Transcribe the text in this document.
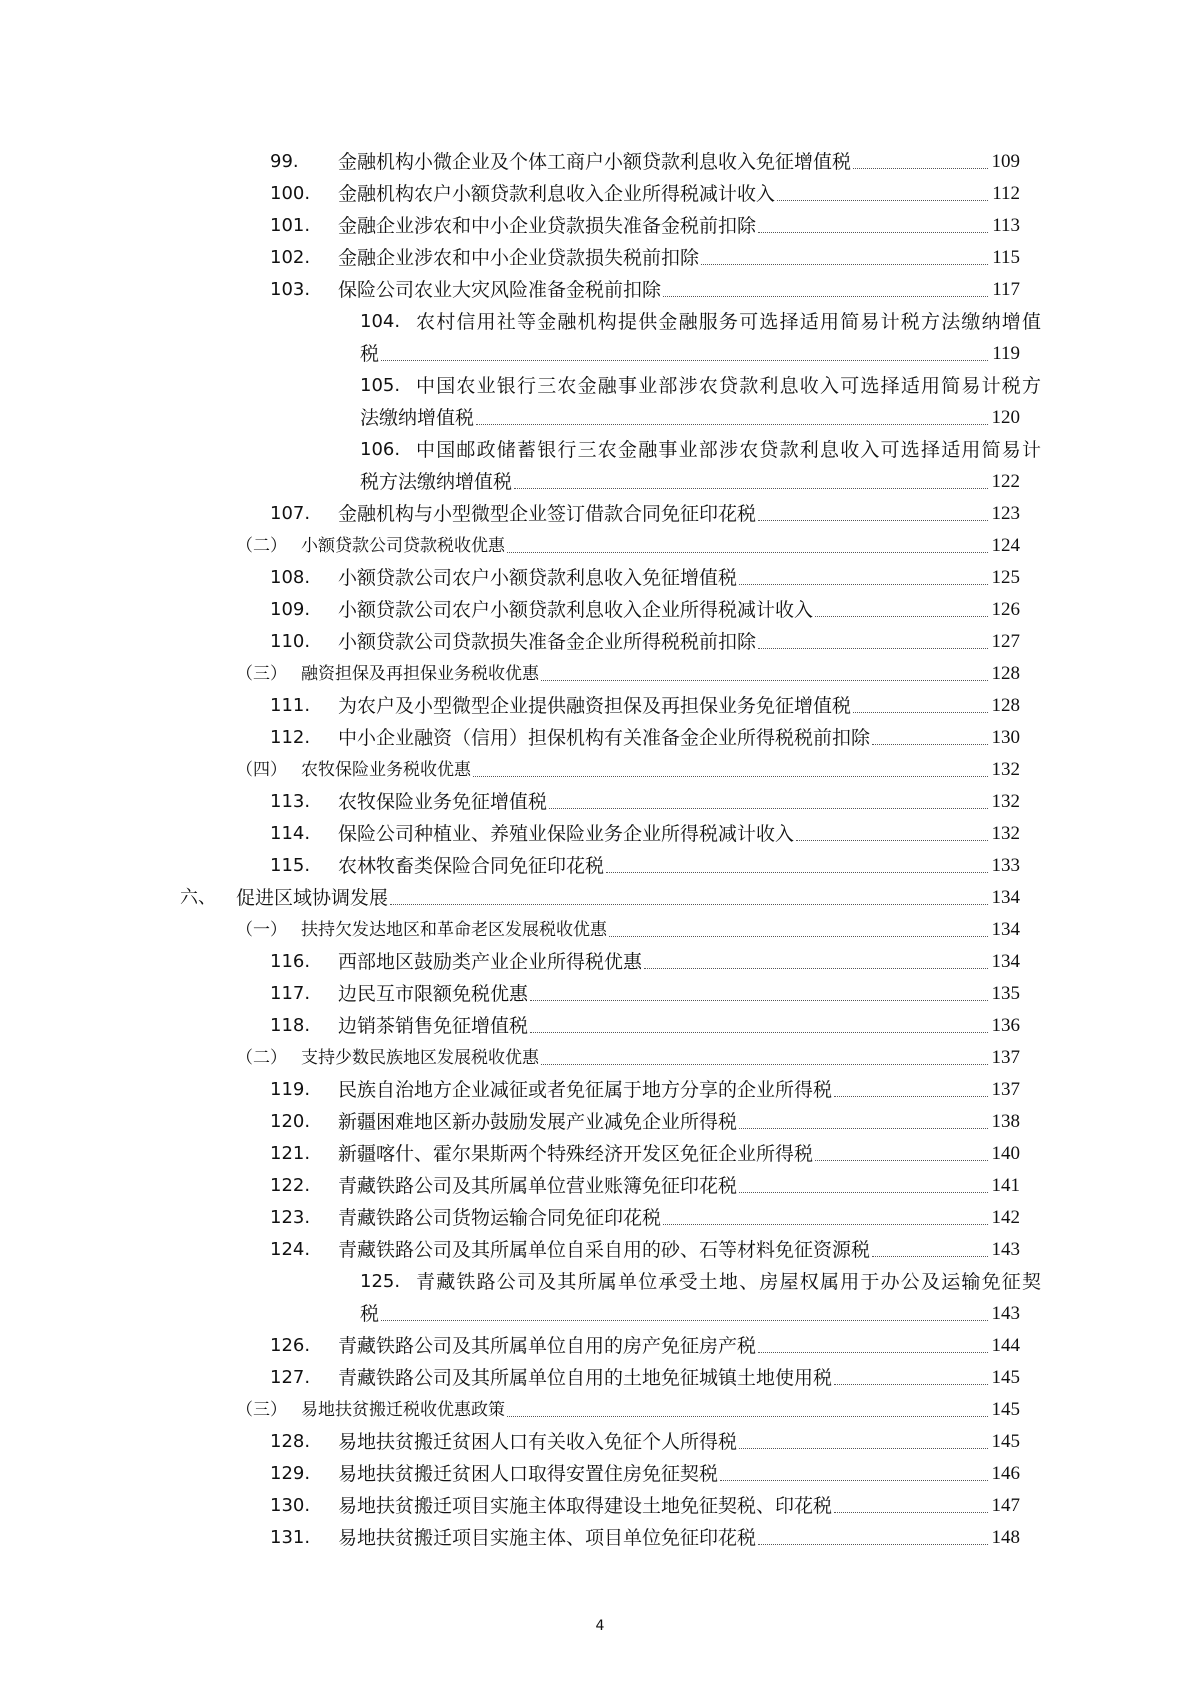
99.	金融机构小微企业及个体工商户小额贷款利息收入免征增值税	109
100.	金融机构农户小额贷款利息收入企业所得税减计收入	112
101.	金融企业涉农和中小企业贷款损失准备金税前扣除	113
102.	金融企业涉农和中小企业贷款损失税前扣除	115
103.	保险公司农业大灾风险准备金税前扣除	117
104. 农村信用社等金融机构提供金融服务可选择适用简易计税方法缴纳增值
税	119
105. 中国农业银行三农金融事业部涉农贷款利息收入可选择适用简易计税方
法缴纳增值税	120
106. 中国邮政储蓄银行三农金融事业部涉农贷款利息收入可选择适用简易计
税方法缴纳增值税	122
107.	金融机构与小型微型企业签订借款合同免征印花税	123
（二） 小额贷款公司贷款税收优惠	124
108.	小额贷款公司农户小额贷款利息收入免征增值税	125
109.	小额贷款公司农户小额贷款利息收入企业所得税减计收入	126
110.	小额贷款公司贷款损失准备金企业所得税税前扣除	127
（三） 融资担保及再担保业务税收优惠	128
111.	为农户及小型微型企业提供融资担保及再担保业务免征增值税	128
112.	中小企业融资（信用）担保机构有关准备金企业所得税税前扣除	130
（四） 农牧保险业务税收优惠	132
113.	农牧保险业务免征增值税	132
114.	保险公司种植业、养殖业保险业务企业所得税减计收入	132
115.	农林牧畜类保险合同免征印花税	133
六、	促进区域协调发展	134
（一） 扶持欠发达地区和革命老区发展税收优惠	134
116.	西部地区鼓励类产业企业所得税优惠	134
117.	边民互市限额免税优惠	135
118.	边销茶销售免征增值税	136
（二） 支持少数民族地区发展税收优惠	137
119.	民族自治地方企业减征或者免征属于地方分享的企业所得税	137
120.	新疆困难地区新办鼓励发展产业减免企业所得税	138
121.	新疆喀什、霍尔果斯两个特殊经济开发区免征企业所得税	140
122.	青藏铁路公司及其所属单位营业账簿免征印花税	141
123.	青藏铁路公司货物运输合同免征印花税	142
124.	青藏铁路公司及其所属单位自采自用的砂、石等材料免征资源税	143
125. 青藏铁路公司及其所属单位承受土地、房屋权属用于办公及运输免征契
税	143
126.	青藏铁路公司及其所属单位自用的房产免征房产税	144
127.	青藏铁路公司及其所属单位自用的土地免征城镇土地使用税	145
（三） 易地扶贫搬迁税收优惠政策	145
128.	易地扶贫搬迁贫困人口有关收入免征个人所得税	145
129.	易地扶贫搬迁贫困人口取得安置住房免征契税	146
130.	易地扶贫搬迁项目实施主体取得建设土地免征契税、印花税	147
131.	易地扶贫搬迁项目实施主体、项目单位免征印花税	148
4
